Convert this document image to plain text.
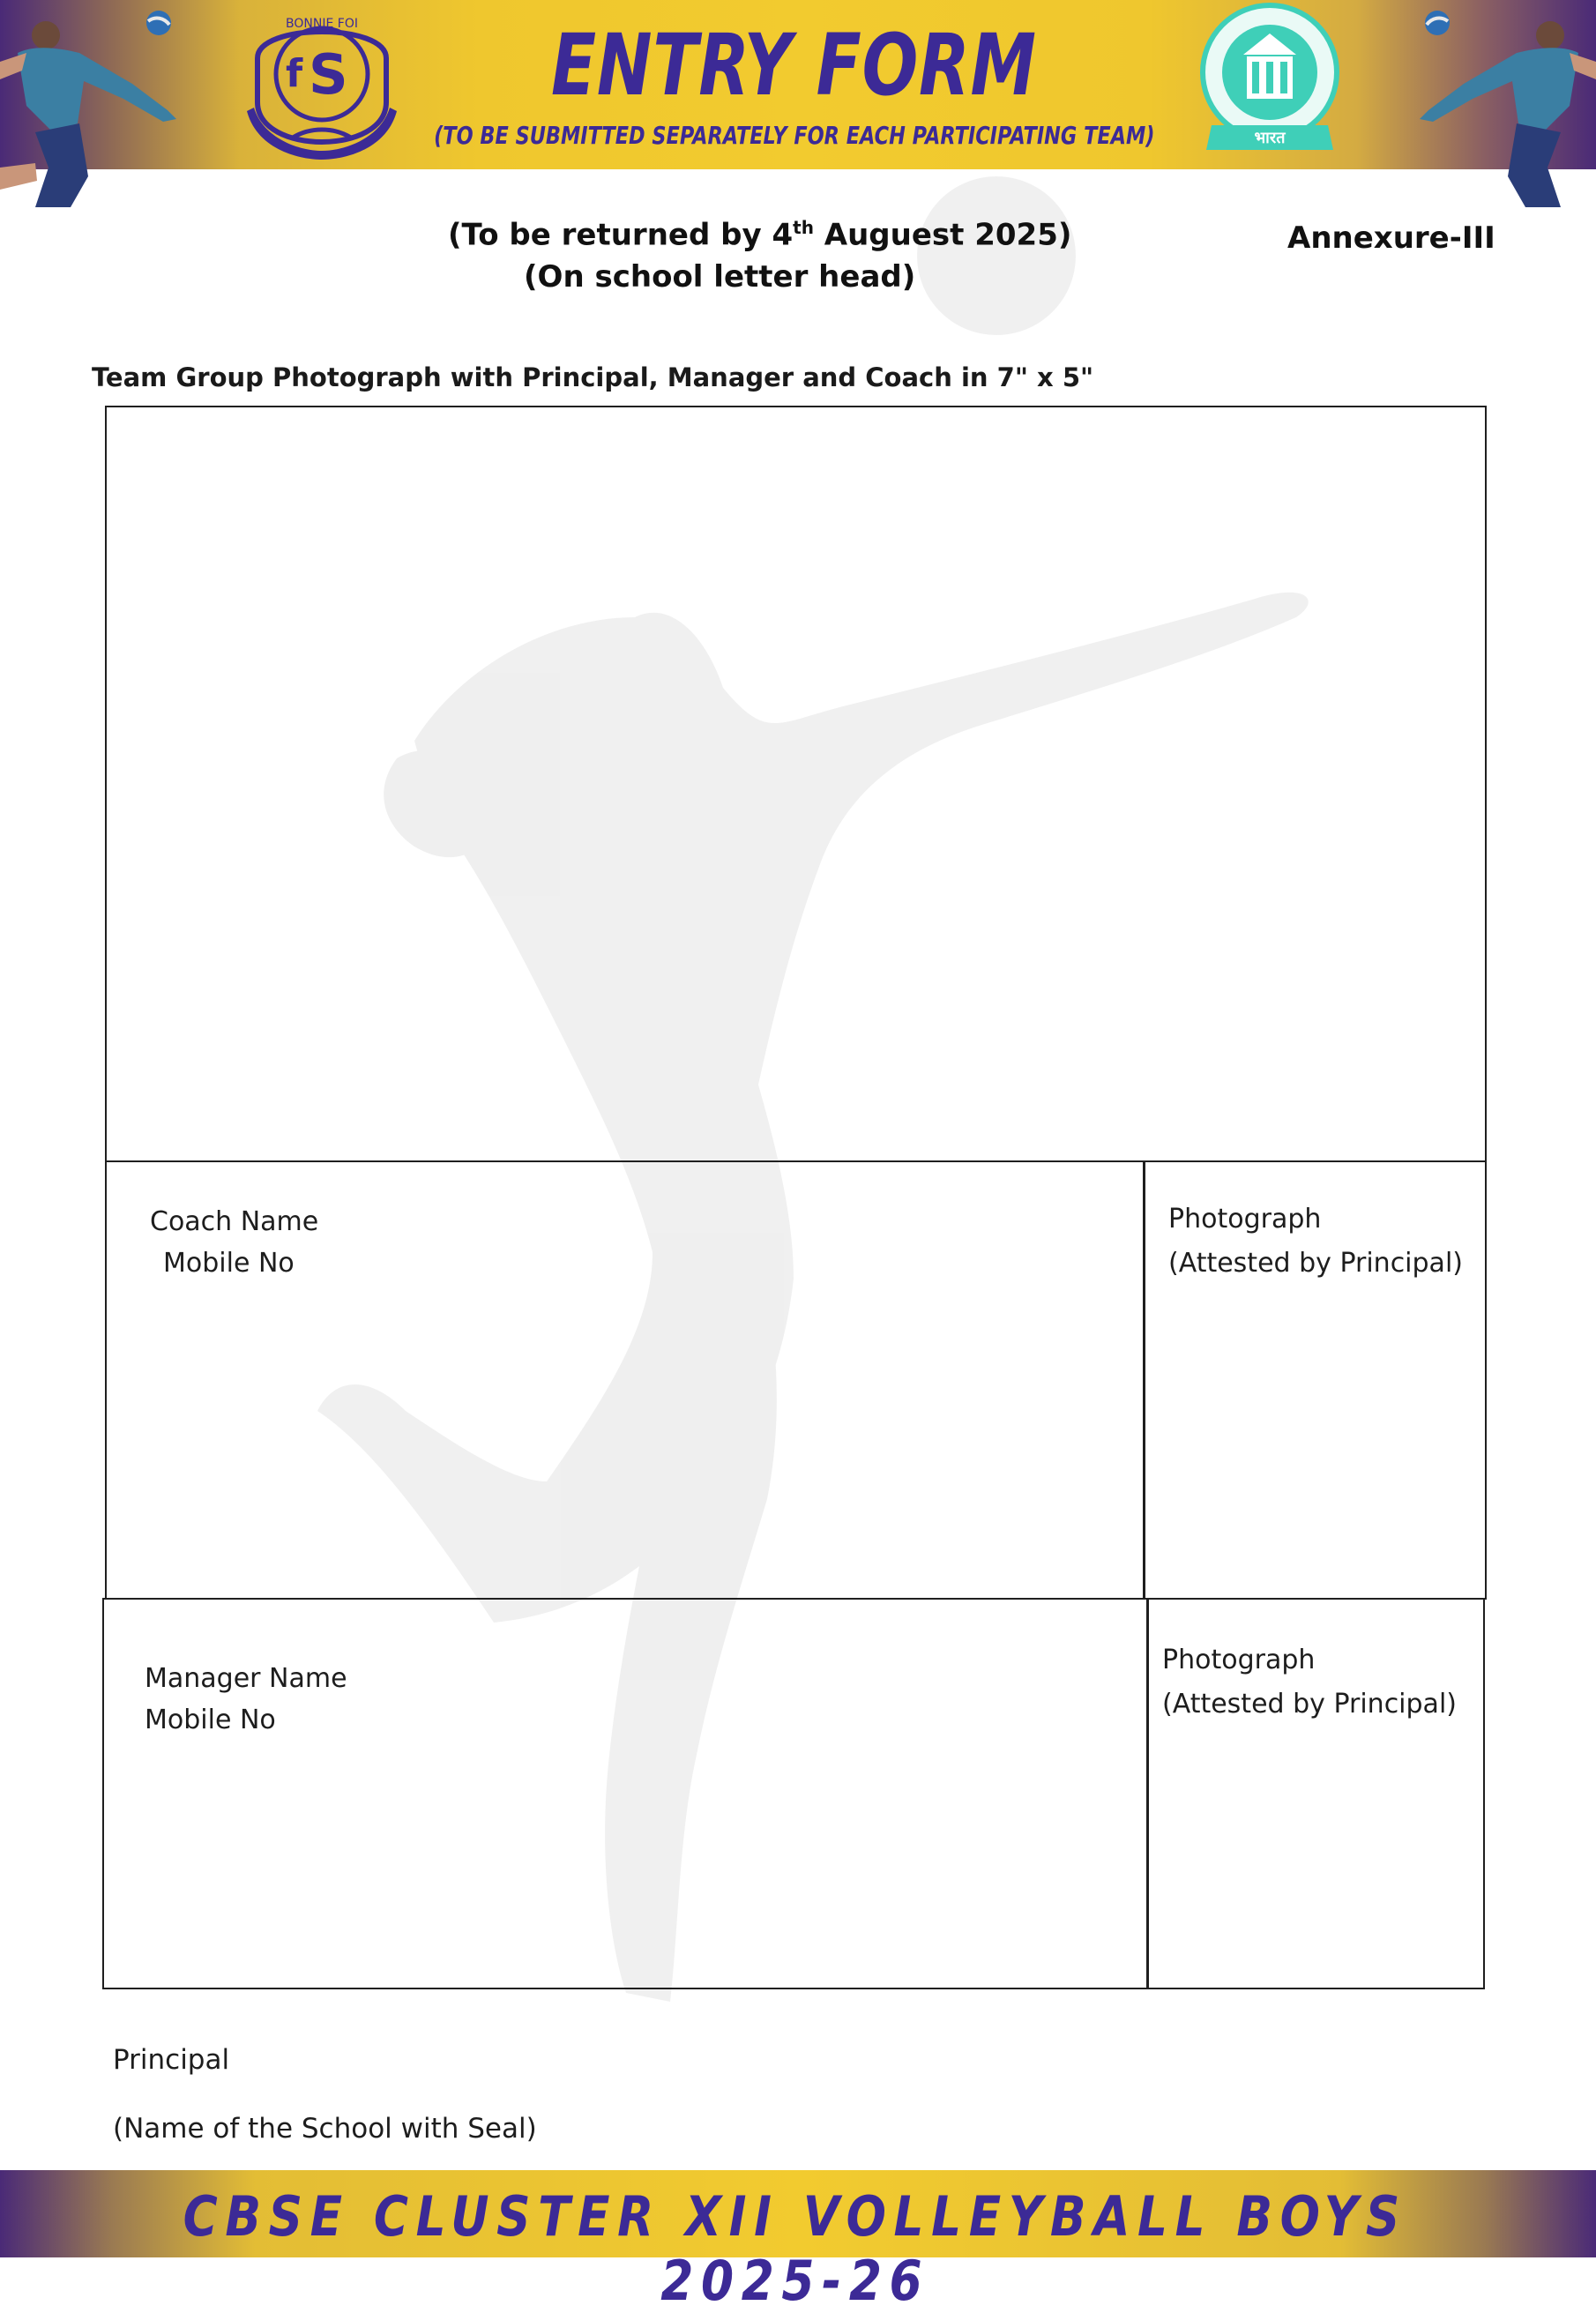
S
f
BONNIE FOI	ENTRY FORM
(TO BE SUBMITTED SEPARATELY FOR EACH PARTICIPATING TEAM)	भारत
(To be returned by 4th Auguest 2025)
(On school letter head)
Annexure-III
Team Group Photograph with Principal, Manager and Coach in 7" x 5"
Coach Name
Mobile No
Photograph
(Attested by Principal)
Manager Name
Mobile No
Photograph
(Attested by Principal)
Principal
(Name of the School with Seal)
CBSE CLUSTER XII VOLLEYBALL BOYS 2025-26
